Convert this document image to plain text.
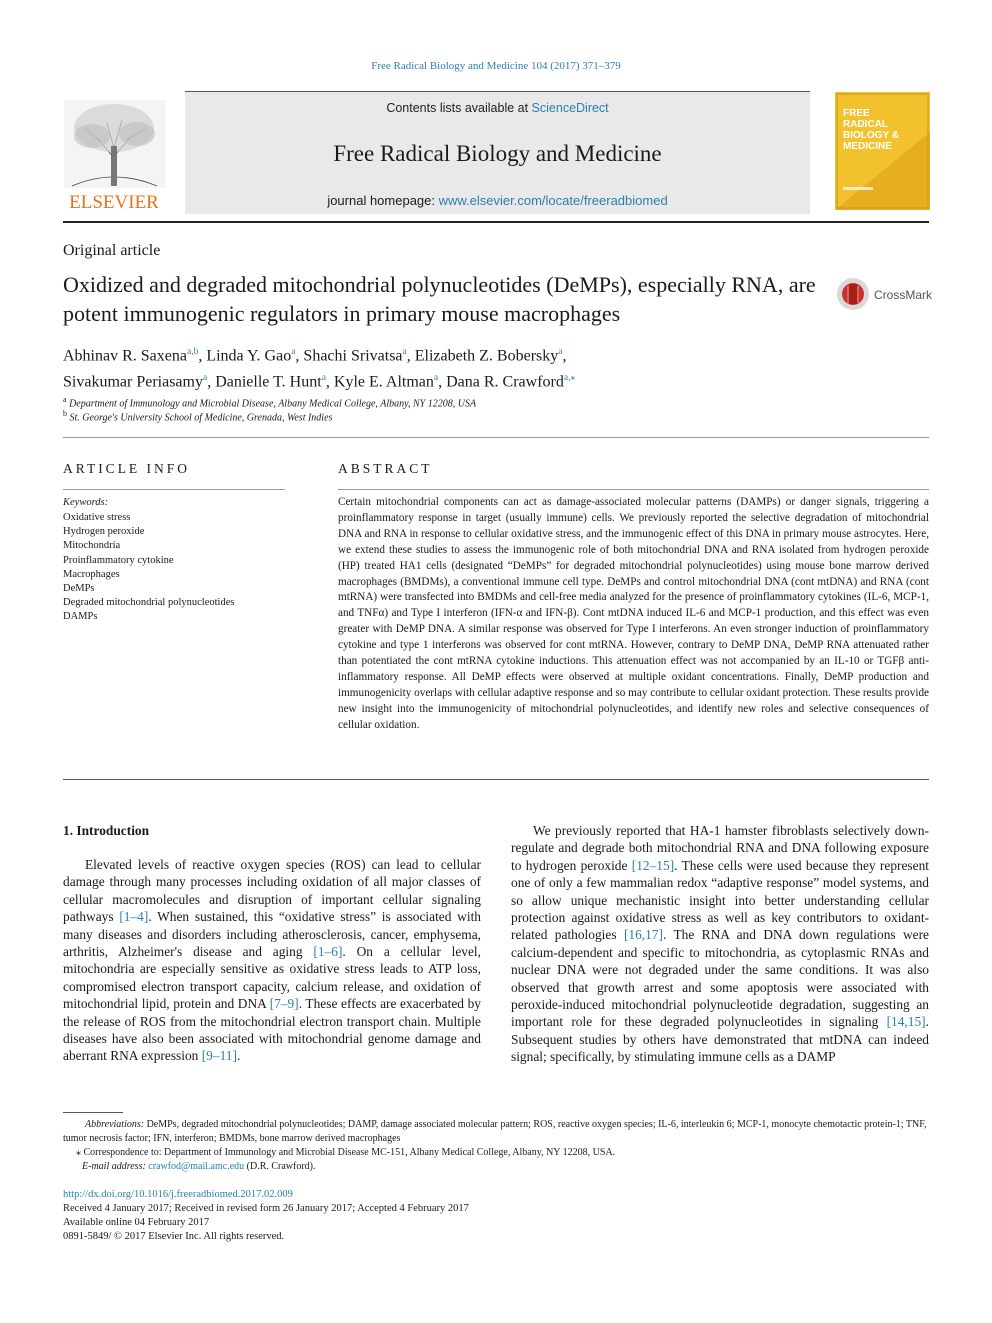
Free Radical Biology and Medicine 104 (2017) 371–379
ELSEVIER
Contents lists available at ScienceDirect
Free Radical Biology and Medicine
journal homepage: www.elsevier.com/locate/freeradbiomed
FREE
RADICAL
BIOLOGY &
MEDICINE
Original article
Oxidized and degraded mitochondrial polynucleotides (DeMPs), especially RNA, are potent immunogenic regulators in primary mouse macrophages
CrossMark
Abhinav R. Saxena$^{a,b}$, Linda Y. Gao$^a$, Shachi Srivatsa$^a$, Elizabeth Z. Bobersky$^a$,
Sivakumar Periasamy$^a$, Danielle T. Hunt$^a$, Kyle E. Altman$^a$, Dana R. Crawford$^{a,⁎}$
$^a$ Department of Immunology and Microbial Disease, Albany Medical College, Albany, NY 12208, USA
$^b$ St. George's University School of Medicine, Grenada, West Indies
ARTICLE INFO
Keywords:
Oxidative stress
Hydrogen peroxide
Mitochondria
Proinflammatory cytokine
Macrophages
DeMPs
Degraded mitochondrial polynucleotides
DAMPs
ABSTRACT
Certain mitochondrial components can act as damage-associated molecular patterns (DAMPs) or danger signals, triggering a proinflammatory response in target (usually immune) cells. We previously reported the selective degradation of mitochondrial DNA and RNA in response to cellular oxidative stress, and the immunogenic effect of this DNA in primary mouse astrocytes. Here, we extend these studies to assess the immunogenic role of both mitochondrial DNA and RNA isolated from hydrogen peroxide (HP) treated HA1 cells (designated “DeMPs” for degraded mitochondrial polynucleotides) using mouse bone marrow derived macrophages (BMDMs), a conventional immune cell type. DeMPs and control mitochondrial DNA (cont mtDNA) and RNA (cont mtRNA) were transfected into BMDMs and cell-free media analyzed for the presence of proinflammatory cytokines (IL-6, MCP-1, and TNFα) and Type I interferon (IFN-α and IFN-β). Cont mtDNA induced IL-6 and MCP-1 production, and this effect was even greater with DeMP DNA. A similar response was observed for Type I interferons. An even stronger induction of proinflammatory cytokine and type 1 interferons was observed for cont mtRNA. However, contrary to DeMP DNA, DeMP RNA attenuated rather than potentiated the cont mtRNA cytokine inductions. This attenuation effect was not accompanied by an IL-10 or TGFβ anti-inflammatory response. All DeMP effects were observed at multiple oxidant concentrations. Finally, DeMP production and immunogenicity overlaps with cellular adaptive response and so may contribute to cellular oxidant protection. These results provide new insight into the immunogenicity of mitochondrial polynucleotides, and identify new roles and selective consequences of cellular oxidation.
1. Introduction

Elevated levels of reactive oxygen species (ROS) can lead to cellular damage through many processes including oxidation of all major classes of cellular macromolecules and disruption of important cellular signaling pathways [1–4]. When sustained, this “oxidative stress” is associated with many diseases and disorders including atherosclerosis, cancer, emphysema, arthritis, Alzheimer's disease and aging [1–6]. On a cellular level, mitochondria are especially sensitive as oxidative stress leads to ATP loss, compromised electron transport capacity, calcium release, and oxidation of mitochondrial lipid, protein and DNA [7–9]. These effects are exacerbated by the release of ROS from the mitochondrial electron transport chain. Multiple diseases have also been associated with mitochondrial genome damage and aberrant RNA expression [9–11].

We previously reported that HA-1 hamster fibroblasts selectively down-regulate and degrade both mitochondrial RNA and DNA following exposure to hydrogen peroxide [12–15]. These cells were used because they represent one of only a few mammalian redox “adaptive response” model systems, and so allow unique mechanistic insight into better understanding cellular protection against oxidative stress as well as key contributors to oxidant-related pathologies [16,17]. The RNA and DNA down regulations were calcium-dependent and specific to mitochondria, as cytoplasmic RNAs and nuclear DNA were not degraded under the same conditions. It was also observed that growth arrest and some apoptosis were associated with peroxide-induced mitochondrial polynucleotide degradation, suggesting an important role for these degraded polynucleotides in signaling [14,15]. Subsequent studies by others have demonstrated that mtDNA can indeed signal; specifically, by stimulating immune cells as a DAMP

Abbreviations: DeMPs, degraded mitochondrial polynucleotides; DAMP, damage associated molecular pattern; ROS, reactive oxygen species; IL-6, interleukin 6; MCP-1, monocyte chemotactic protein-1; TNF, tumor necrosis factor; IFN, interferon; BMDMs, bone marrow derived macrophages
⁎ Correspondence to: Department of Immunology and Microbial Disease MC-151, Albany Medical College, Albany, NY 12208, USA.
E-mail address: crawfod@mail.amc.edu (D.R. Crawford).
http://dx.doi.org/10.1016/j.freeradbiomed.2017.02.009
Received 4 January 2017; Received in revised form 26 January 2017; Accepted 4 February 2017
Available online 04 February 2017
0891-5849/ © 2017 Elsevier Inc. All rights reserved.
